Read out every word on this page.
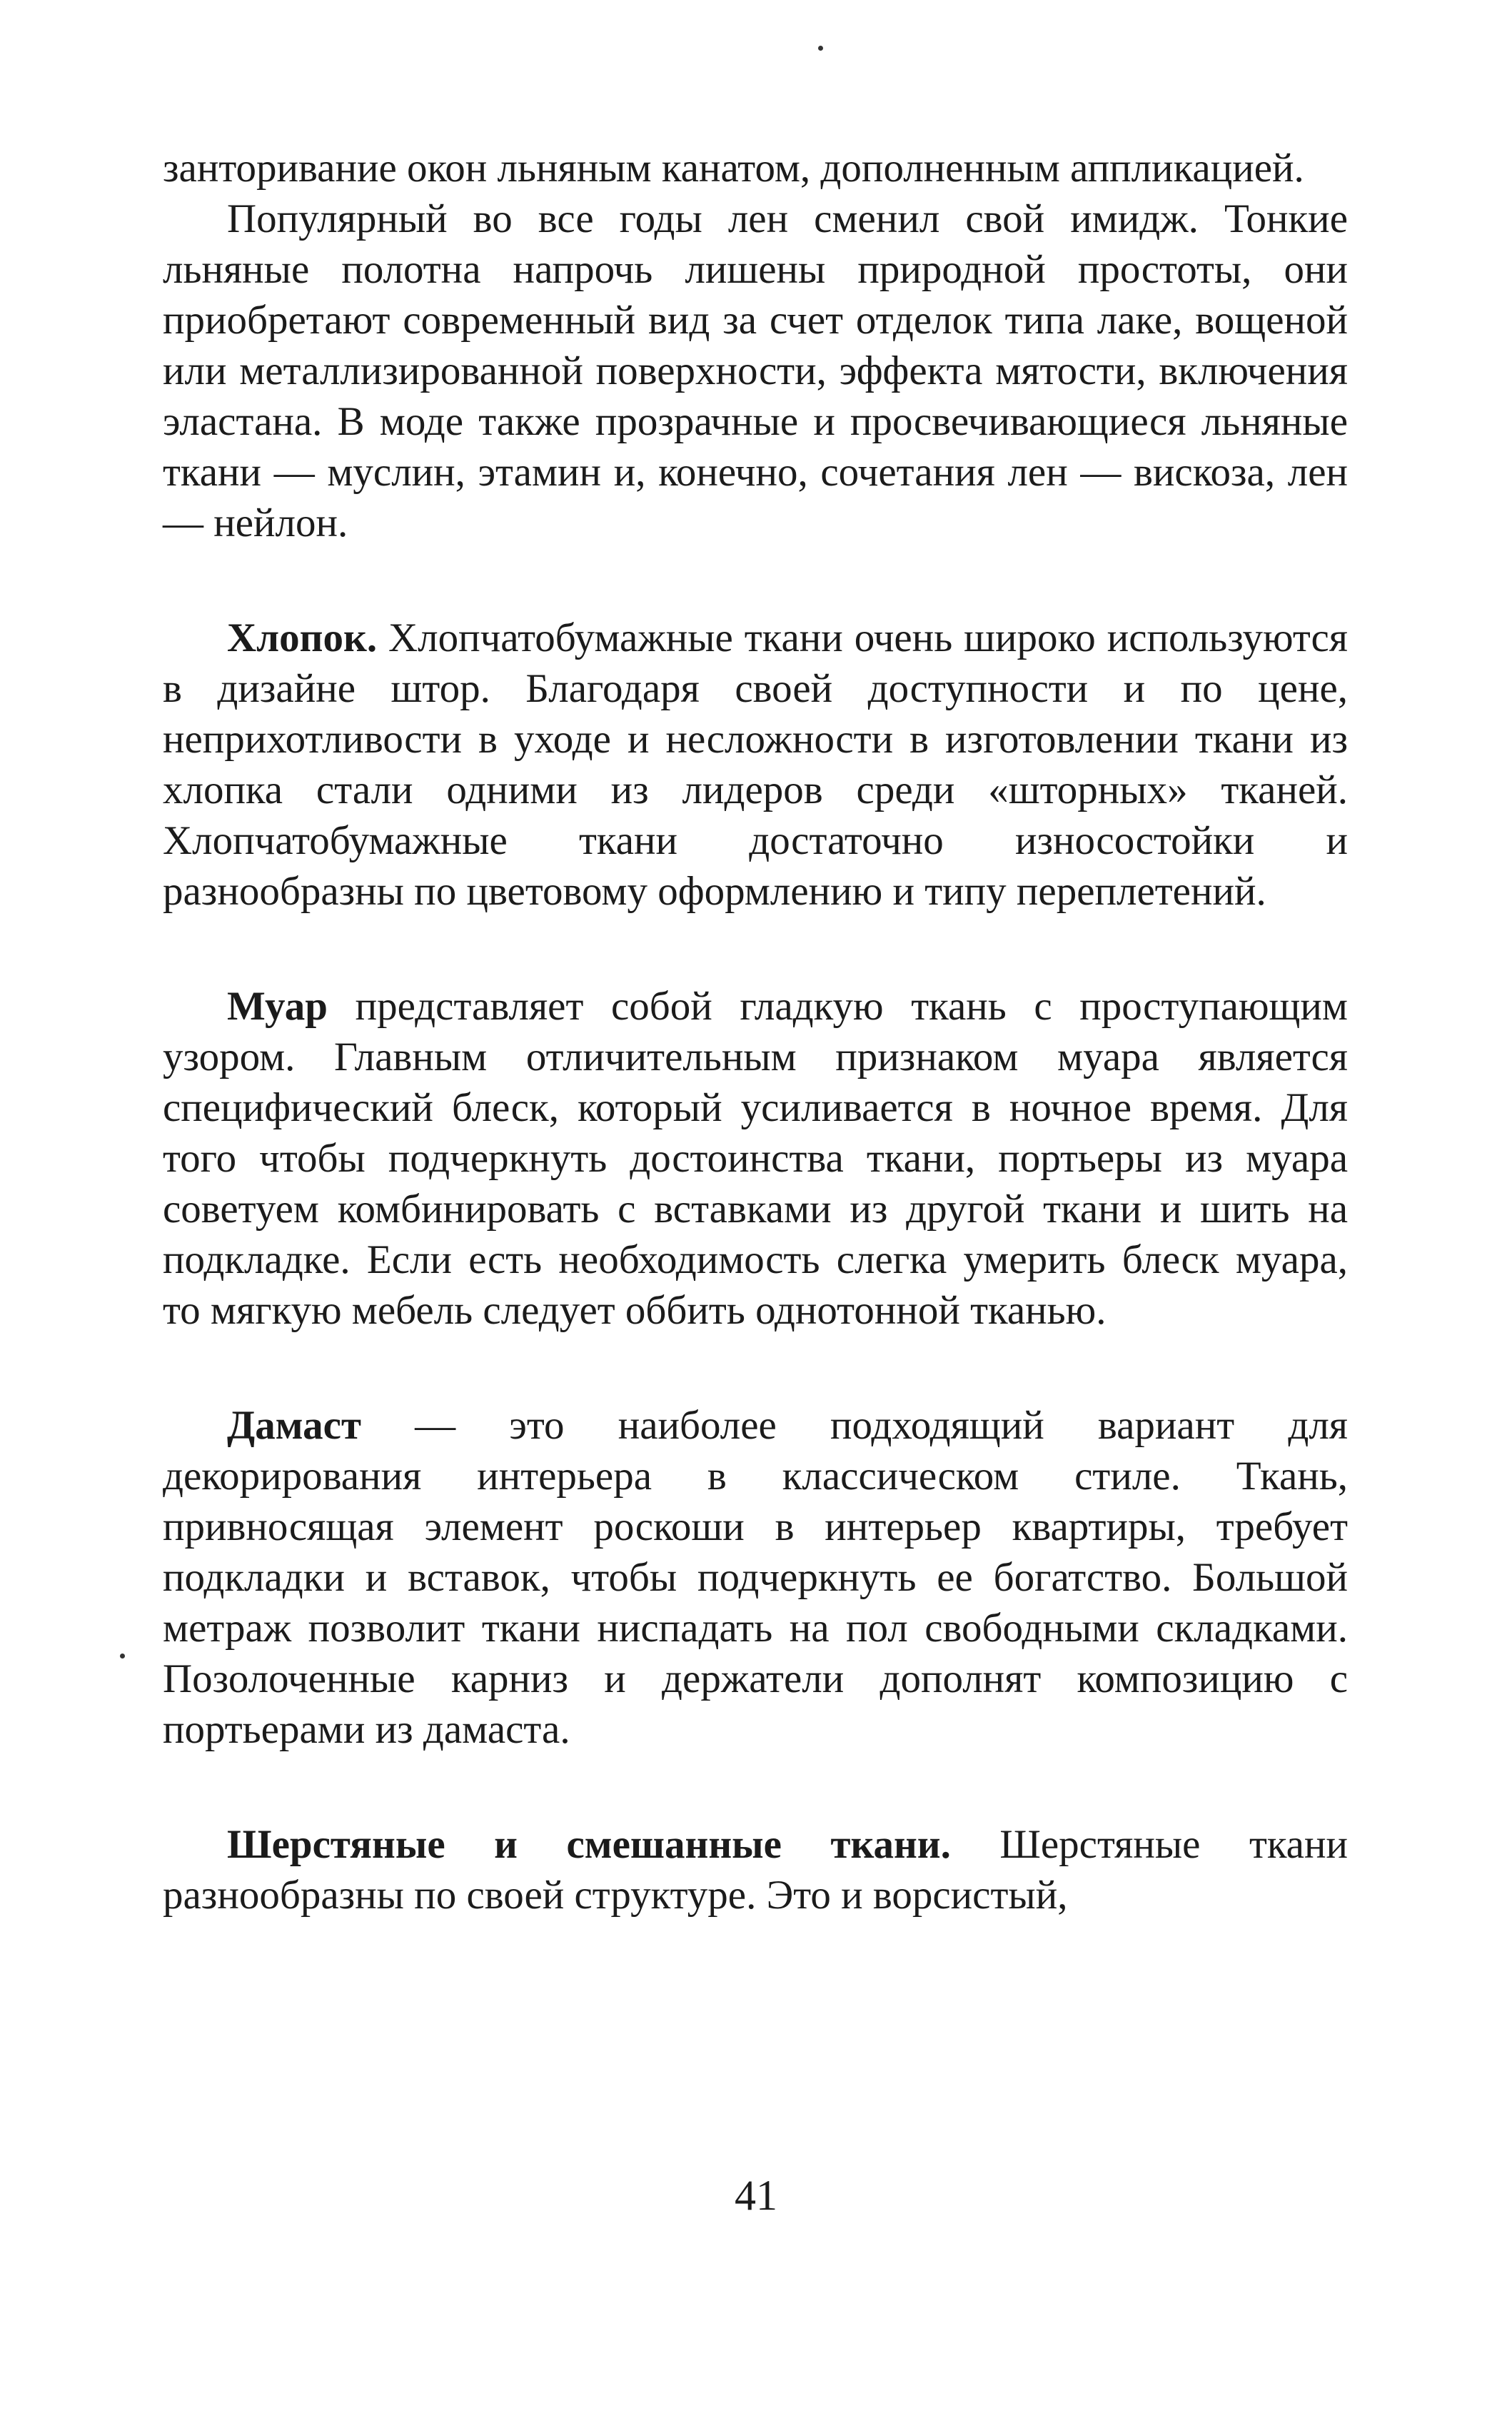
занторивание окон льняным канатом, дополненным аппликацией.

Популярный во все годы лен сменил свой имидж. Тонкие льняные полотна напрочь лишены природной простоты, они приобретают современный вид за счет отделок типа лаке, вощеной или металлизированной поверхности, эффекта мятости, включения эластана. В моде также прозрачные и просвечивающиеся льняные ткани — муслин, этамин и, конечно, сочетания лен — вискоза, лен — нейлон.

Хлопок. Хлопчатобумажные ткани очень широко используются в дизайне штор. Благодаря своей доступности и по цене, неприхотливости в уходе и несложности в изготовлении ткани из хлопка стали одними из лидеров среди «шторных» тканей. Хлопчатобумажные ткани достаточно износостойки и разнообразны по цветовому оформлению и типу переплетений.

Муар представляет собой гладкую ткань с проступающим узором. Главным отличительным признаком муара является специфический блеск, который усиливается в ночное время. Для того чтобы подчеркнуть достоинства ткани, портьеры из муара советуем комбинировать с вставками из другой ткани и шить на подкладке. Если есть необходимость слегка умерить блеск муара, то мягкую мебель следует оббить однотонной тканью.

Дамаст — это наиболее подходящий вариант для декорирования интерьера в классическом стиле. Ткань, привносящая элемент роскоши в интерьер квартиры, требует подкладки и вставок, чтобы подчеркнуть ее богатство. Большой метраж позволит ткани ниспадать на пол свободными складками. Позолоченные карниз и держатели дополнят композицию с портьерами из дамаста.

Шерстяные и смешанные ткани. Шерстяные ткани разнообразны по своей структуре. Это и ворсистый,

41
